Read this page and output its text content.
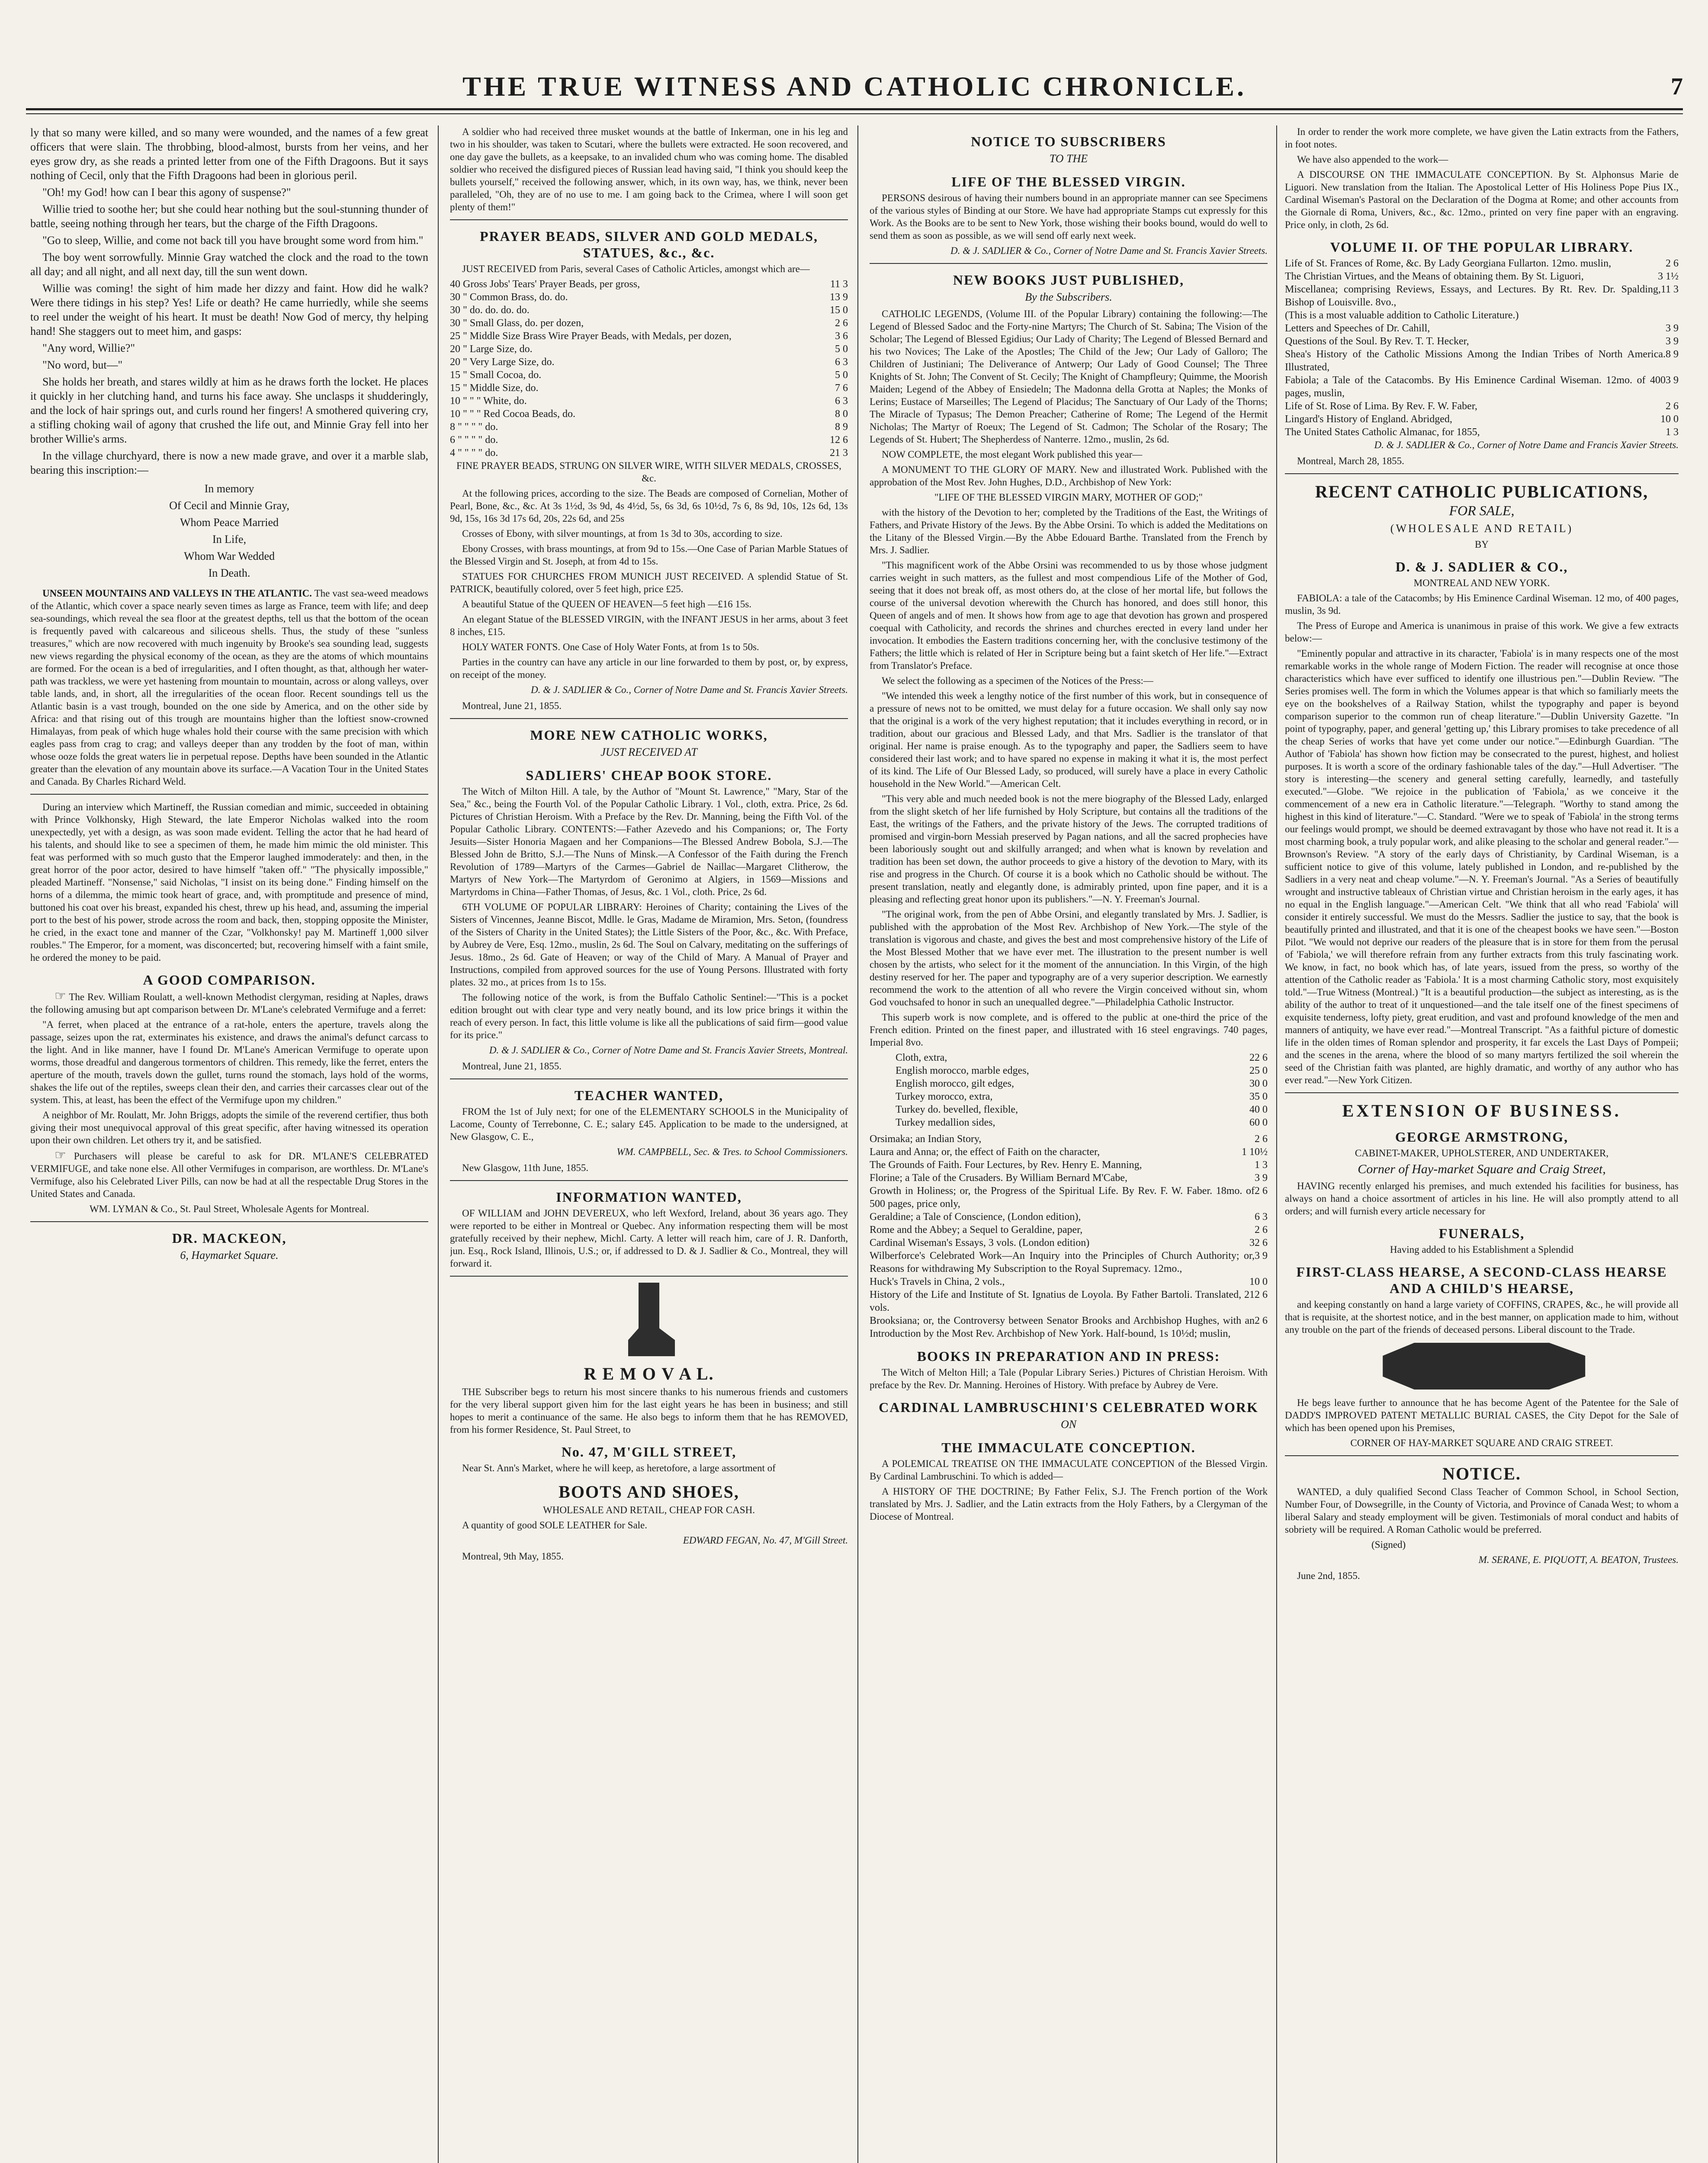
THE TRUE WITNESS AND CATHOLIC CHRONICLE.	7

ly that so many were killed, and so many were wounded, and the names of a few great officers that were slain. The throbbing, blood-almost, bursts from her veins, and her eyes grow dry, as she reads a printed letter from one of the Fifth Dragoons. But it says nothing of Cecil, only that the Fifth Dragoons had been in glorious peril.

"Oh! my God! how can I bear this agony of suspense?"

Willie tried to soothe her; but she could hear nothing but the soul-stunning thunder of battle, seeing nothing through her tears, but the charge of the Fifth Dragoons.

"Go to sleep, Willie, and come not back till you have brought some word from him."

The boy went sorrowfully. Minnie Gray watched the clock and the road to the town all day; and all night, and all next day, till the sun went down.

Willie was coming! the sight of him made her dizzy and faint. How did he walk? Were there tidings in his step? Yes! Life or death? He came hurriedly, while she seems to reel under the weight of his heart. It must be death! Now God of mercy, thy helping hand! She staggers out to meet him, and gasps:

"Any word, Willie?"

"No word, but—"

She holds her breath, and stares wildly at him as he draws forth the locket. He places it quickly in her clutching hand, and turns his face away. She unclasps it shudderingly, and the lock of hair springs out, and curls round her fingers! A smothered quivering cry, a stifling choking wail of agony that crushed the life out, and Minnie Gray fell into her brother Willie's arms.

In the village churchyard, there is now a new made grave, and over it a marble slab, bearing this inscription:—

In memory

Of Cecil and Minnie Gray,

Whom Peace Married

In Life,

Whom War Wedded

In Death.

UNSEEN MOUNTAINS AND VALLEYS IN THE ATLANTIC. The vast sea-weed meadows of the Atlantic, which cover a space nearly seven times as large as France, teem with life; and deep sea-soundings, which reveal the sea floor at the greatest depths, tell us that the bottom of the ocean is frequently paved with calcareous and siliceous shells. Thus, the study of these "sunless treasures," which are now recovered with much ingenuity by Brooke's sea sounding lead, suggests new views regarding the physical economy of the ocean, as they are the atoms of which mountains are formed. For the ocean is a bed of irregularities, and I often thought, as that, although her water-path was trackless, we were yet hastening from mountain to mountain, across or along valleys, over table lands, and, in short, all the irregularities of the ocean floor. Recent soundings tell us the Atlantic basin is a vast trough, bounded on the one side by America, and on the other side by Africa: and that rising out of this trough are mountains higher than the loftiest snow-crowned Himalayas, from peak of which huge whales hold their course with the same precision with which eagles pass from crag to crag; and valleys deeper than any trodden by the foot of man, within whose ooze folds the great waters lie in perpetual repose. Depths have been sounded in the Atlantic greater than the elevation of any mountain above its surface.—A Vacation Tour in the United States and Canada. By Charles Richard Weld.

During an interview which Martineff, the Russian comedian and mimic, succeeded in obtaining with Prince Volkhonsky, High Steward, the late Emperor Nicholas walked into the room unexpectedly, yet with a design, as was soon made evident. Telling the actor that he had heard of his talents, and should like to see a specimen of them, he made him mimic the old minister. This feat was performed with so much gusto that the Emperor laughed immoderately: and then, in the great horror of the poor actor, desired to have himself "taken off." "The physically impossible," pleaded Martineff. "Nonsense," said Nicholas, "I insist on its being done." Finding himself on the horns of a dilemma, the mimic took heart of grace, and, with promptitude and presence of mind, buttoned his coat over his breast, expanded his chest, threw up his head, and, assuming the imperial port to the best of his power, strode across the room and back, then, stopping opposite the Minister, he cried, in the exact tone and manner of the Czar, "Volkhonsky! pay M. Martineff 1,000 silver roubles." The Emperor, for a moment, was disconcerted; but, recovering himself with a faint smile, he ordered the money to be paid.

A GOOD COMPARISON.

☞ The Rev. William Roulatt, a well-known Methodist clergyman, residing at Naples, draws the following amusing but apt comparison between Dr. M'Lane's celebrated Vermifuge and a ferret:

"A ferret, when placed at the entrance of a rat-hole, enters the aperture, travels along the passage, seizes upon the rat, exterminates his existence, and draws the animal's defunct carcass to the light. And in like manner, have I found Dr. M'Lane's American Vermifuge to operate upon worms, those dreadful and dangerous tormentors of children. This remedy, like the ferret, enters the aperture of the mouth, travels down the gullet, turns round the stomach, lays hold of the worms, shakes the life out of the reptiles, sweeps clean their den, and carries their carcasses clear out of the system. This, at least, has been the effect of the Vermifuge upon my children."

A neighbor of Mr. Roulatt, Mr. John Briggs, adopts the simile of the reverend certifier, thus both giving their most unequivocal approval of this great specific, after having witnessed its operation upon their own children. Let others try it, and be satisfied.

☞ Purchasers will please be careful to ask for DR. M'LANE'S CELEBRATED VERMIFUGE, and take none else. All other Vermifuges in comparison, are worthless. Dr. M'Lane's Vermifuge, also his Celebrated Liver Pills, can now be had at all the respectable Drug Stores in the United States and Canada.

WM. LYMAN & Co., St. Paul Street, Wholesale Agents for Montreal.

DR. MACKEON,

6, Haymarket Square.

A soldier who had received three musket wounds at the battle of Inkerman, one in his leg and two in his shoulder, was taken to Scutari, where the bullets were extracted. He soon recovered, and one day gave the bullets, as a keepsake, to an invalided chum who was coming home. The disabled soldier who received the disfigured pieces of Russian lead having said, "I think you should keep the bullets yourself," received the following answer, which, in its own way, has, we think, never been paralleled, "Oh, they are of no use to me. I am going back to the Crimea, where I will soon get plenty of them!"

PRAYER BEADS, SILVER AND GOLD MEDALS, STATUES, &c., &c.

JUST RECEIVED from Paris, several Cases of Catholic Articles, amongst which are—

40 Gross Jobs' Tears' Prayer Beads, per gross,	11 3
30 " Common Brass, do. do.	13 9
30 " do. do. do. do.	15 0
30 " Small Glass, do. per dozen,	2 6
25 " Middle Size Brass Wire Prayer Beads, with Medals, per dozen,	3 6
20 " Large Size, do.	5 0
20 " Very Large Size, do.	6 3
15 " Small Cocoa, do.	5 0
15 " Middle Size, do.	7 6
10 " " " White, do.	6 3
10 " " " Red Cocoa Beads, do.	8 0
8 " " " " do.	8 9
6 " " " " do.	12 6
4 " " " " do.	21 3

FINE PRAYER BEADS, STRUNG ON SILVER WIRE, WITH SILVER MEDALS, CROSSES, &c.

At the following prices, according to the size. The Beads are composed of Cornelian, Mother of Pearl, Bone, &c., &c. At 3s 1½d, 3s 9d, 4s 4½d, 5s, 6s 3d, 6s 10½d, 7s 6, 8s 9d, 10s, 12s 6d, 13s 9d, 15s, 16s 3d 17s 6d, 20s, 22s 6d, and 25s

Crosses of Ebony, with silver mountings, at from 1s 3d to 30s, according to size.

Ebony Crosses, with brass mountings, at from 9d to 15s.—One Case of Parian Marble Statues of the Blessed Virgin and St. Joseph, at from 4d to 15s.

STATUES FOR CHURCHES FROM MUNICH JUST RECEIVED. A splendid Statue of St. PATRICK, beautifully colored, over 5 feet high, price £25.

A beautiful Statue of the QUEEN OF HEAVEN—5 feet high —£16 15s.

An elegant Statue of the BLESSED VIRGIN, with the INFANT JESUS in her arms, about 3 feet 8 inches, £15.

HOLY WATER FONTS. One Case of Holy Water Fonts, at from 1s to 50s.

Parties in the country can have any article in our line forwarded to them by post, or, by express, on receipt of the money.

D. & J. SADLIER & Co., Corner of Notre Dame and St. Francis Xavier Streets.

Montreal, June 21, 1855.

MORE NEW CATHOLIC WORKS,

JUST RECEIVED AT

SADLIERS' CHEAP BOOK STORE.

The Witch of Milton Hill. A tale, by the Author of "Mount St. Lawrence," "Mary, Star of the Sea," &c., being the Fourth Vol. of the Popular Catholic Library. 1 Vol., cloth, extra. Price, 2s 6d. Pictures of Christian Heroism. With a Preface by the Rev. Dr. Manning, being the Fifth Vol. of the Popular Catholic Library. CONTENTS:—Father Azevedo and his Companions; or, The Forty Jesuits—Sister Honoria Magaen and her Companions—The Blessed Andrew Bobola, S.J.—The Blessed John de Britto, S.J.—The Nuns of Minsk.—A Confessor of the Faith during the French Revolution of 1789—Martyrs of the Carmes—Gabriel de Naillac—Margaret Clitherow, the Martyrs of New York—The Martyrdom of Geronimo at Algiers, in 1569—Missions and Martyrdoms in China—Father Thomas, of Jesus, &c. 1 Vol., cloth. Price, 2s 6d.

6TH VOLUME OF POPULAR LIBRARY: Heroines of Charity; containing the Lives of the Sisters of Vincennes, Jeanne Biscot, Mdlle. le Gras, Madame de Miramion, Mrs. Seton, (foundress of the Sisters of Charity in the United States); the Little Sisters of the Poor, &c., &c. With Preface, by Aubrey de Vere, Esq. 12mo., muslin, 2s 6d. The Soul on Calvary, meditating on the sufferings of Jesus. 18mo., 2s 6d. Gate of Heaven; or way of the Child of Mary. A Manual of Prayer and Instructions, compiled from approved sources for the use of Young Persons. Illustrated with forty plates. 32 mo., at prices from 1s to 15s.

The following notice of the work, is from the Buffalo Catholic Sentinel:—"This is a pocket edition brought out with clear type and very neatly bound, and its low price brings it within the reach of every person. In fact, this little volume is like all the publications of said firm—good value for its price."

D. & J. SADLIER & Co., Corner of Notre Dame and St. Francis Xavier Streets, Montreal.

Montreal, June 21, 1855.

TEACHER WANTED,

FROM the 1st of July next; for one of the ELEMENTARY SCHOOLS in the Municipality of Lacome, County of Terrebonne, C. E.; salary £45. Application to be made to the undersigned, at New Glasgow, C. E.,

WM. CAMPBELL, Sec. & Tres. to School Commissioners.

New Glasgow, 11th June, 1855.

INFORMATION WANTED,

OF WILLIAM and JOHN DEVEREUX, who left Wexford, Ireland, about 36 years ago. They were reported to be either in Montreal or Quebec. Any information respecting them will be most gratefully received by their nephew, Michl. Carty. A letter will reach him, care of J. R. Danforth, jun. Esq., Rock Island, Illinois, U.S.; or, if addressed to D. & J. Sadlier & Co., Montreal, they will forward it.

R E M O V A L.

THE Subscriber begs to return his most sincere thanks to his numerous friends and customers for the very liberal support given him for the last eight years he has been in business; and still hopes to merit a continuance of the same. He also begs to inform them that he has REMOVED, from his former Residence, St. Paul Street, to

No. 47, M'GILL STREET,

Near St. Ann's Market, where he will keep, as heretofore, a large assortment of

BOOTS AND SHOES,

WHOLESALE AND RETAIL, CHEAP FOR CASH.

A quantity of good SOLE LEATHER for Sale.

EDWARD FEGAN, No. 47, M'Gill Street.

Montreal, 9th May, 1855.

NOTICE TO SUBSCRIBERS

TO THE

LIFE OF THE BLESSED VIRGIN.

PERSONS desirous of having their numbers bound in an appropriate manner can see Specimens of the various styles of Binding at our Store. We have had appropriate Stamps cut expressly for this Work. As the Books are to be sent to New York, those wishing their books bound, would do well to send them as soon as possible, as we will send off early next week.

D. & J. SADLIER & Co., Corner of Notre Dame and St. Francis Xavier Streets.

NEW BOOKS JUST PUBLISHED,

By the Subscribers.

CATHOLIC LEGENDS, (Volume III. of the Popular Library) containing the following:—The Legend of Blessed Sadoc and the Forty-nine Martyrs; The Church of St. Sabina; The Vision of the Scholar; The Legend of Blessed Egidius; Our Lady of Charity; The Legend of Blessed Bernard and his two Novices; The Lake of the Apostles; The Child of the Jew; Our Lady of Galloro; The Children of Justiniani; The Deliverance of Antwerp; Our Lady of Good Counsel; The Three Knights of St. John; The Convent of St. Cecily; The Knight of Champfleury; Quimme, the Moorish Maiden; Legend of the Abbey of Ensiedeln; The Madonna della Grotta at Naples; the Monks of Lerins; Eustace of Marseilles; The Legend of Placidus; The Sanctuary of Our Lady of the Thorns; The Miracle of Typasus; The Demon Preacher; Catherine of Rome; The Legend of the Hermit Nicholas; The Martyr of Roeux; The Legend of St. Cadmon; The Scholar of the Rosary; The Legends of St. Hubert; The Shepherdess of Nanterre. 12mo., muslin, 2s 6d.

NOW COMPLETE, the most elegant Work published this year—

A MONUMENT TO THE GLORY OF MARY. New and illustrated Work. Published with the approbation of the Most Rev. John Hughes, D.D., Archbishop of New York:

"LIFE OF THE BLESSED VIRGIN MARY, MOTHER OF GOD;"

with the history of the Devotion to her; completed by the Traditions of the East, the Writings of Fathers, and Private History of the Jews. By the Abbe Orsini. To which is added the Meditations on the Litany of the Blessed Virgin.—By the Abbe Edouard Barthe. Translated from the French by Mrs. J. Sadlier.

"This magnificent work of the Abbe Orsini was recommended to us by those whose judgment carries weight in such matters, as the fullest and most compendious Life of the Mother of God, seeing that it does not break off, as most others do, at the close of her mortal life, but follows the course of the universal devotion wherewith the Church has honored, and does still honor, this Queen of angels and of men. It shows how from age to age that devotion has grown and prospered coequal with Catholicity, and records the shrines and churches erected in every land under her invocation. It embodies the Eastern traditions concerning her, with the conclusive testimony of the Fathers; the little which is related of Her in Scripture being but a faint sketch of Her life."—Extract from Translator's Preface.

We select the following as a specimen of the Notices of the Press:—

"We intended this week a lengthy notice of the first number of this work, but in consequence of a pressure of news not to be omitted, we must delay for a future occasion. We shall only say now that the original is a work of the very highest reputation; that it includes everything in record, or in tradition, about our gracious and Blessed Lady, and that Mrs. Sadlier is the translator of that original. Her name is praise enough. As to the typography and paper, the Sadliers seem to have considered their last work; and to have spared no expense in making it what it is, the most perfect of its kind. The Life of Our Blessed Lady, so produced, will surely have a place in every Catholic household in the New World."—American Celt.

"This very able and much needed book is not the mere biography of the Blessed Lady, enlarged from the slight sketch of her life furnished by Holy Scripture, but contains all the traditions of the East, the writings of the Fathers, and the private history of the Jews. The corrupted traditions of promised and virgin-born Messiah preserved by Pagan nations, and all the sacred prophecies have been laboriously sought out and skilfully arranged; and when what is known by revelation and tradition has been set down, the author proceeds to give a history of the devotion to Mary, with its rise and progress in the Church. Of course it is a book which no Catholic should be without. The present translation, neatly and elegantly done, is admirably printed, upon fine paper, and it is a pleasing and reflecting great honor upon its publishers."—N. Y. Freeman's Journal.

"The original work, from the pen of Abbe Orsini, and elegantly translated by Mrs. J. Sadlier, is published with the approbation of the Most Rev. Archbishop of New York.—The style of the translation is vigorous and chaste, and gives the best and most comprehensive history of the Life of the Most Blessed Mother that we have ever met. The illustration to the present number is well chosen by the artists, who select for it the moment of the annunciation. In this Virgin, of the high destiny reserved for her. The paper and typography are of a very superior description. We earnestly recommend the work to the attention of all who revere the Virgin conceived without sin, whom God vouchsafed to honor in such an unequalled degree."—Philadelphia Catholic Instructor.

This superb work is now complete, and is offered to the public at one-third the price of the French edition. Printed on the finest paper, and illustrated with 16 steel engravings. 740 pages, Imperial 8vo.

Cloth, extra,	22 6
English morocco, marble edges,	25 0
English morocco, gilt edges,	30 0
Turkey morocco, extra,	35 0
Turkey do. bevelled, flexible,	40 0
Turkey medallion sides,	60 0
Orsimaka; an Indian Story,	2 6
Laura and Anna; or, the effect of Faith on the character,	1 10½
The Grounds of Faith. Four Lectures, by Rev. Henry E. Manning,	1 3
Florine; a Tale of the Crusaders. By William Bernard M'Cabe,	3 9
Growth in Holiness; or, the Progress of the Spiritual Life. By Rev. F. W. Faber. 18mo. of 500 pages, price only,
2 6
Geraldine; a Tale of Conscience, (London edition),	6 3
Rome and the Abbey; a Sequel to Geraldine, paper,	2 6
Cardinal Wiseman's Essays, 3 vols. (London edition)	32 6
Wilberforce's Celebrated Work—An Inquiry into the Principles of Church Authority; or, Reasons for withdrawing My Subscription to the Royal Supremacy. 12mo.,
3 9
Huck's Travels in China, 2 vols.,	10 0
History of the Life and Institute of St. Ignatius de Loyola. By Father Bartoli. Translated, 2 vols.
12 6
Brooksiana; or, the Controversy between Senator Brooks and Archbishop Hughes, with an Introduction by the Most Rev. Archbishop of New York. Half-bound, 1s 10½d; muslin,
2 6

BOOKS IN PREPARATION AND IN PRESS:

The Witch of Melton Hill; a Tale (Popular Library Series.) Pictures of Christian Heroism. With preface by the Rev. Dr. Manning. Heroines of History. With preface by Aubrey de Vere.

CARDINAL LAMBRUSCHINI'S CELEBRATED WORK

ON

THE IMMACULATE CONCEPTION.

A POLEMICAL TREATISE ON THE IMMACULATE CONCEPTION of the Blessed Virgin. By Cardinal Lambruschini. To which is added—

A HISTORY OF THE DOCTRINE; By Father Felix, S.J. The French portion of the Work translated by Mrs. J. Sadlier, and the Latin extracts from the Holy Fathers, by a Clergyman of the Diocese of Montreal.

In order to render the work more complete, we have given the Latin extracts from the Fathers, in foot notes.

We have also appended to the work—

A DISCOURSE ON THE IMMACULATE CONCEPTION. By St. Alphonsus Marie de Liguori. New translation from the Italian. The Apostolical Letter of His Holiness Pope Pius IX., Cardinal Wiseman's Pastoral on the Declaration of the Dogma at Rome; and other accounts from the Giornale di Roma, Univers, &c., &c. 12mo., printed on very fine paper with an engraving. Price only, in cloth, 2s 6d.

VOLUME II. OF THE POPULAR LIBRARY.

Life of St. Frances of Rome, &c. By Lady Georgiana Fullarton. 12mo. muslin,	2 6
The Christian Virtues, and the Means of obtaining them. By St. Liguori,	3 1½
Miscellanea; comprising Reviews, Essays, and Lectures. By Rt. Rev. Dr. Spalding, Bishop of Louisville. 8vo.,
11 3
(This is a most valuable addition to Catholic Literature.)
Letters and Speeches of Dr. Cahill,	3 9
Questions of the Soul. By Rev. T. T. Hecker,	3 9
Shea's History of the Catholic Missions Among the Indian Tribes of North America. Illustrated,
8 9
Fabiola; a Tale of the Catacombs. By His Eminence Cardinal Wiseman. 12mo. of 400 pages, muslin,
3 9
Life of St. Rose of Lima. By Rev. F. W. Faber,	2 6
Lingard's History of England. Abridged,	10 0
The United States Catholic Almanac, for 1855,	1 3

D. & J. SADLIER & Co., Corner of Notre Dame and Francis Xavier Streets.

Montreal, March 28, 1855.

RECENT CATHOLIC PUBLICATIONS,

FOR SALE,

(WHOLESALE AND RETAIL)

BY

D. & J. SADLIER & CO.,

MONTREAL AND NEW YORK.

FABIOLA: a tale of the Catacombs; by His Eminence Cardinal Wiseman. 12 mo, of 400 pages, muslin, 3s 9d.

The Press of Europe and America is unanimous in praise of this work. We give a few extracts below:—

"Eminently popular and attractive in its character, 'Fabiola' is in many respects one of the most remarkable works in the whole range of Modern Fiction. The reader will recognise at once those characteristics which have ever sufficed to identify one illustrious pen."—Dublin Review. "The Series promises well. The form in which the Volumes appear is that which so familiarly meets the eye on the bookshelves of a Railway Station, whilst the typography and paper is beyond comparison superior to the common run of cheap literature."—Dublin University Gazette. "In point of typography, paper, and general 'getting up,' this Library promises to take precedence of all the cheap Series of works that have yet come under our notice."—Edinburgh Guardian. "The Author of 'Fabiola' has shown how fiction may be consecrated to the purest, highest, and holiest purposes. It is worth a score of the ordinary fashionable tales of the day."—Hull Advertiser. "The story is interesting—the scenery and general setting carefully, learnedly, and tastefully executed."—Globe. "We rejoice in the publication of 'Fabiola,' as we conceive it the commencement of a new era in Catholic literature."—Telegraph. "Worthy to stand among the highest in this kind of literature."—C. Standard. "Were we to speak of 'Fabiola' in the strong terms our feelings would prompt, we should be deemed extravagant by those who have not read it. It is a most charming book, a truly popular work, and alike pleasing to the scholar and general reader."—Brownson's Review. "A story of the early days of Christianity, by Cardinal Wiseman, is a sufficient notice to give of this volume, lately published in London, and re-published by the Sadliers in a very neat and cheap volume."—N. Y. Freeman's Journal. "As a Series of beautifully wrought and instructive tableaux of Christian virtue and Christian heroism in the early ages, it has no equal in the English language."—American Celt. "We think that all who read 'Fabiola' will consider it entirely successful. We must do the Messrs. Sadlier the justice to say, that the book is beautifully printed and illustrated, and that it is one of the cheapest books we have seen."—Boston Pilot. "We would not deprive our readers of the pleasure that is in store for them from the perusal of 'Fabiola,' we will therefore refrain from any further extracts from this truly fascinating work. We know, in fact, no book which has, of late years, issued from the press, so worthy of the attention of the Catholic reader as 'Fabiola.' It is a most charming Catholic story, most exquisitely told."—True Witness (Montreal.) "It is a beautiful production—the subject as interesting, as is the ability of the author to treat of it unquestioned—and the tale itself one of the finest specimens of exquisite tenderness, lofty piety, great erudition, and vast and profound knowledge of the men and manners of antiquity, we have ever read."—Montreal Transcript. "As a faithful picture of domestic life in the olden times of Roman splendor and prosperity, it far excels the Last Days of Pompeii; and the scenes in the arena, where the blood of so many martyrs fertilized the soil wherein the seed of the Christian faith was planted, are highly dramatic, and worthy of any author who has ever read."—New York Citizen.

EXTENSION OF BUSINESS.

GEORGE ARMSTRONG,

CABINET-MAKER, UPHOLSTERER, AND UNDERTAKER,

Corner of Hay-market Square and Craig Street,

HAVING recently enlarged his premises, and much extended his facilities for business, has always on hand a choice assortment of articles in his line. He will also promptly attend to all orders; and will furnish every article necessary for

FUNERALS,

Having added to his Establishment a Splendid

FIRST-CLASS HEARSE, A SECOND-CLASS HEARSE AND A CHILD'S HEARSE,

and keeping constantly on hand a large variety of COFFINS, CRAPES, &c., he will provide all that is requisite, at the shortest notice, and in the best manner, on application made to him, without any trouble on the part of the friends of deceased persons. Liberal discount to the Trade.

He begs leave further to announce that he has become Agent of the Patentee for the Sale of DADD'S IMPROVED PATENT METALLIC BURIAL CASES, the City Depot for the Sale of which has been opened upon his Premises,

CORNER OF HAY-MARKET SQUARE AND CRAIG STREET.

NOTICE.

WANTED, a duly qualified Second Class Teacher of Common School, in School Section, Number Four, of Dowsegrille, in the County of Victoria, and Province of Canada West; to whom a liberal Salary and steady employment will be given. Testimonials of moral conduct and habits of sobriety will be required. A Roman Catholic would be preferred.

(Signed)

M. SERANE, E. PIQUOTT, A. BEATON, Trustees.

June 2nd, 1855.
